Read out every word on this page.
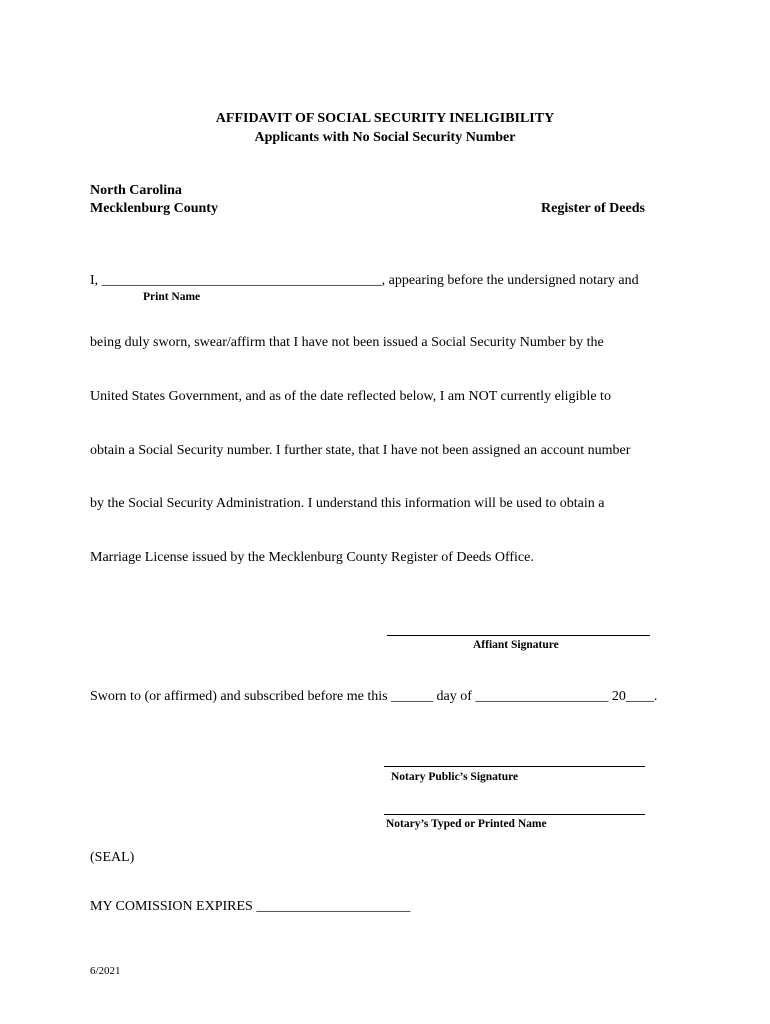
AFFIDAVIT OF SOCIAL SECURITY INELIGIBILITY
Applicants with No Social Security Number
North Carolina
Mecklenburg County	Register of Deeds
I, ________________________________________, appearing before the undersigned notary and
Print Name
being duly sworn, swear/affirm that I have not been issued a Social Security Number by the
United States Government, and as of the date reflected below, I am NOT currently eligible to
obtain a Social Security number. I further state, that I have not been assigned an account number
by the Social Security Administration. I understand this information will be used to obtain a
Marriage License issued by the Mecklenburg County Register of Deeds Office.
Affiant Signature
Sworn to (or affirmed) and subscribed before me this ______ day of ___________________ 20____.
Notary Public’s Signature
Notary’s Typed or Printed Name
(SEAL)
MY COMISSION EXPIRES ______________________
6/2021
